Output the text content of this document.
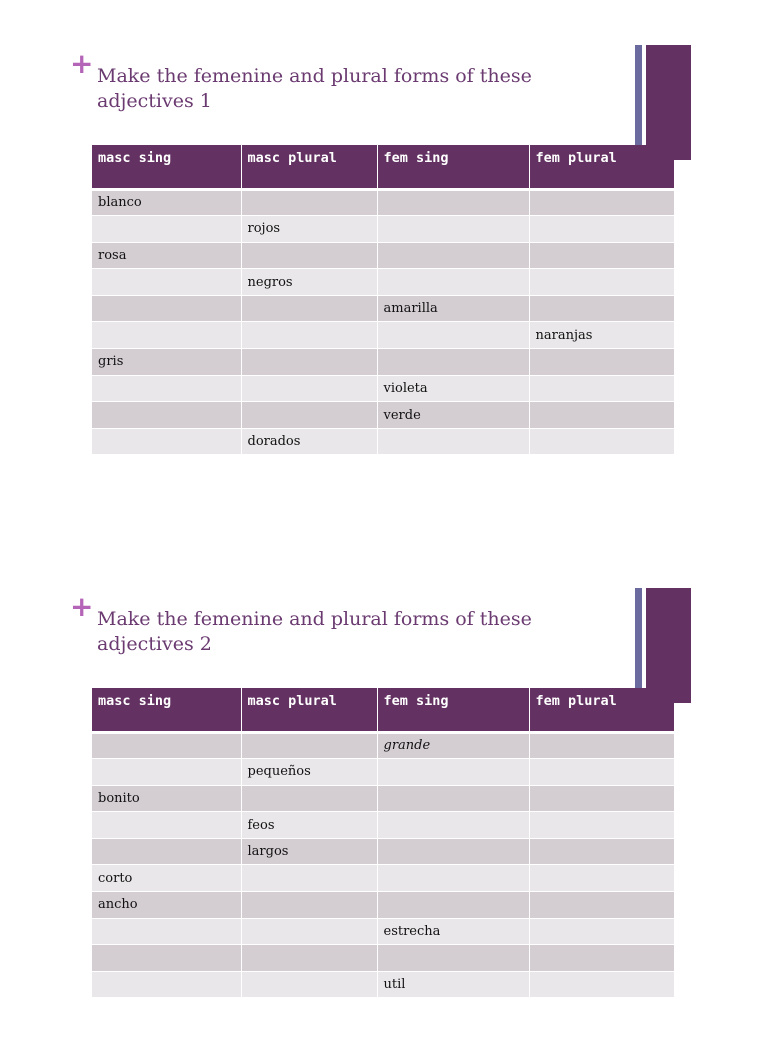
+ Make the femenine and plural forms of these adjectives 1
masc sing	masc plural	fem sing	fem plural
blanco			
	rojos		
rosa			
	negros		
		amarilla	
			naranjas
gris			
		violeta	
		verde	
	dorados		
+ Make the femenine and plural forms of these adjectives 2
masc sing	masc plural	fem sing	fem plural
		grande	
	pequeños		
bonito			
	feos		
	largos		
corto			
ancho			
		estrecha	

		util	
